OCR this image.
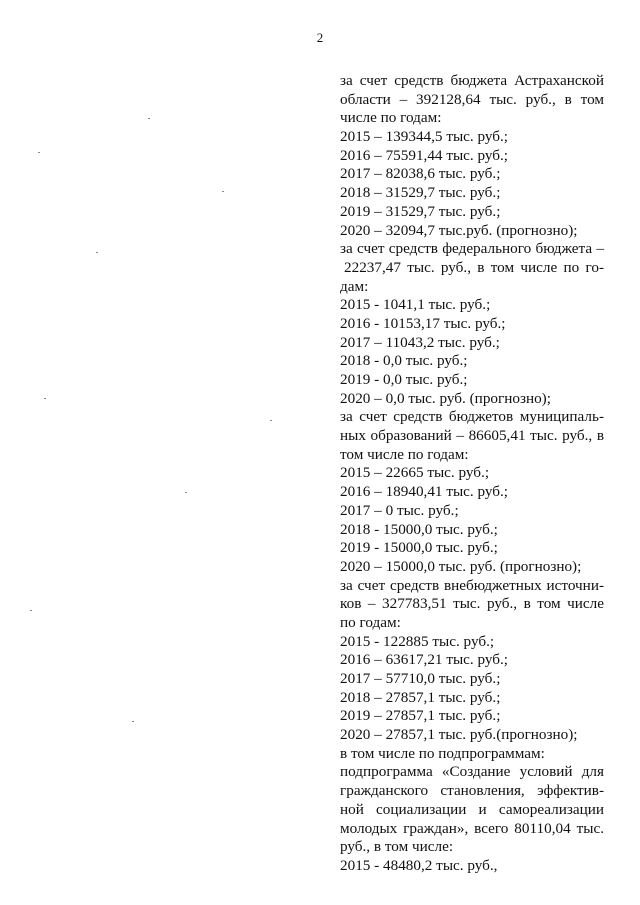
2
за счет средств бюджета Астраханской
области – 392128,64 тыс. руб., в том
числе по годам:
2015 – 139344,5 тыс. руб.;
2016 – 75591,44 тыс. руб.;
2017 – 82038,6 тыс. руб.;
2018 – 31529,7 тыс. руб.;
2019 – 31529,7 тыс. руб.;
2020 – 32094,7 тыс.руб. (прогнозно);
за счет средств федерального бюджета –
22237,47 тыс. руб., в том числе по го-
дам:
2015 - 1041,1 тыс. руб.;
2016 - 10153,17 тыс. руб.;
2017 – 11043,2 тыс. руб.;
2018 - 0,0 тыс. руб.;
2019 - 0,0 тыс. руб.;
2020 – 0,0 тыс. руб. (прогнозно);
за счет средств бюджетов муниципаль-
ных образований – 86605,41 тыс. руб., в
том числе по годам:
2015 – 22665 тыс. руб.;
2016 – 18940,41 тыс. руб.;
2017 – 0 тыс. руб.;
2018 - 15000,0 тыс. руб.;
2019 - 15000,0 тыс. руб.;
2020 – 15000,0 тыс. руб. (прогнозно);
за счет средств внебюджетных источни-
ков – 327783,51 тыс. руб., в том числе
по годам:
2015 - 122885 тыс. руб.;
2016 – 63617,21 тыс. руб.;
2017 – 57710,0 тыс. руб.;
2018 – 27857,1 тыс. руб.;
2019 – 27857,1 тыс. руб.;
2020 – 27857,1 тыс. руб.(прогнозно);
в том числе по подпрограммам:
подпрограмма «Создание условий для
гражданского становления, эффектив-
ной социализации и самореализации
молодых граждан», всего 80110,04 тыс.
руб., в том числе:
2015 - 48480,2 тыс. руб.,
